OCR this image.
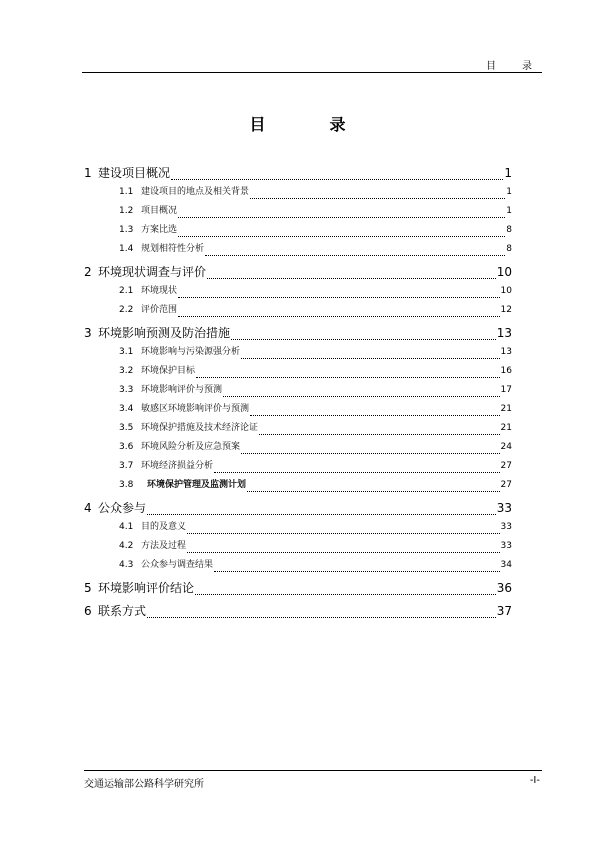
目　录
目　录
1 建设项目概况	1
1.1 建设项目的地点及相关背景	1
1.2 项目概况	1
1.3 方案比选	8
1.4 规划相符性分析	8
2 环境现状调查与评价	10
2.1 环境现状	10
2.2 评价范围	12
3 环境影响预测及防治措施	13
3.1 环境影响与污染源强分析	13
3.2 环境保护目标	16
3.3 环境影响评价与预测	17
3.4 敏感区环境影响评价与预测	21
3.5 环境保护措施及技术经济论证	21
3.6 环境风险分析及应急预案	24
3.7 环境经济损益分析	27
3.8	环境保护管理及监测计划	27
4 公众参与	33
4.1 目的及意义	33
4.2 方法及过程	33
4.3 公众参与调查结果	34
5 环境影响评价结论	36
6 联系方式	37
交通运输部公路科学研究所	-I-
